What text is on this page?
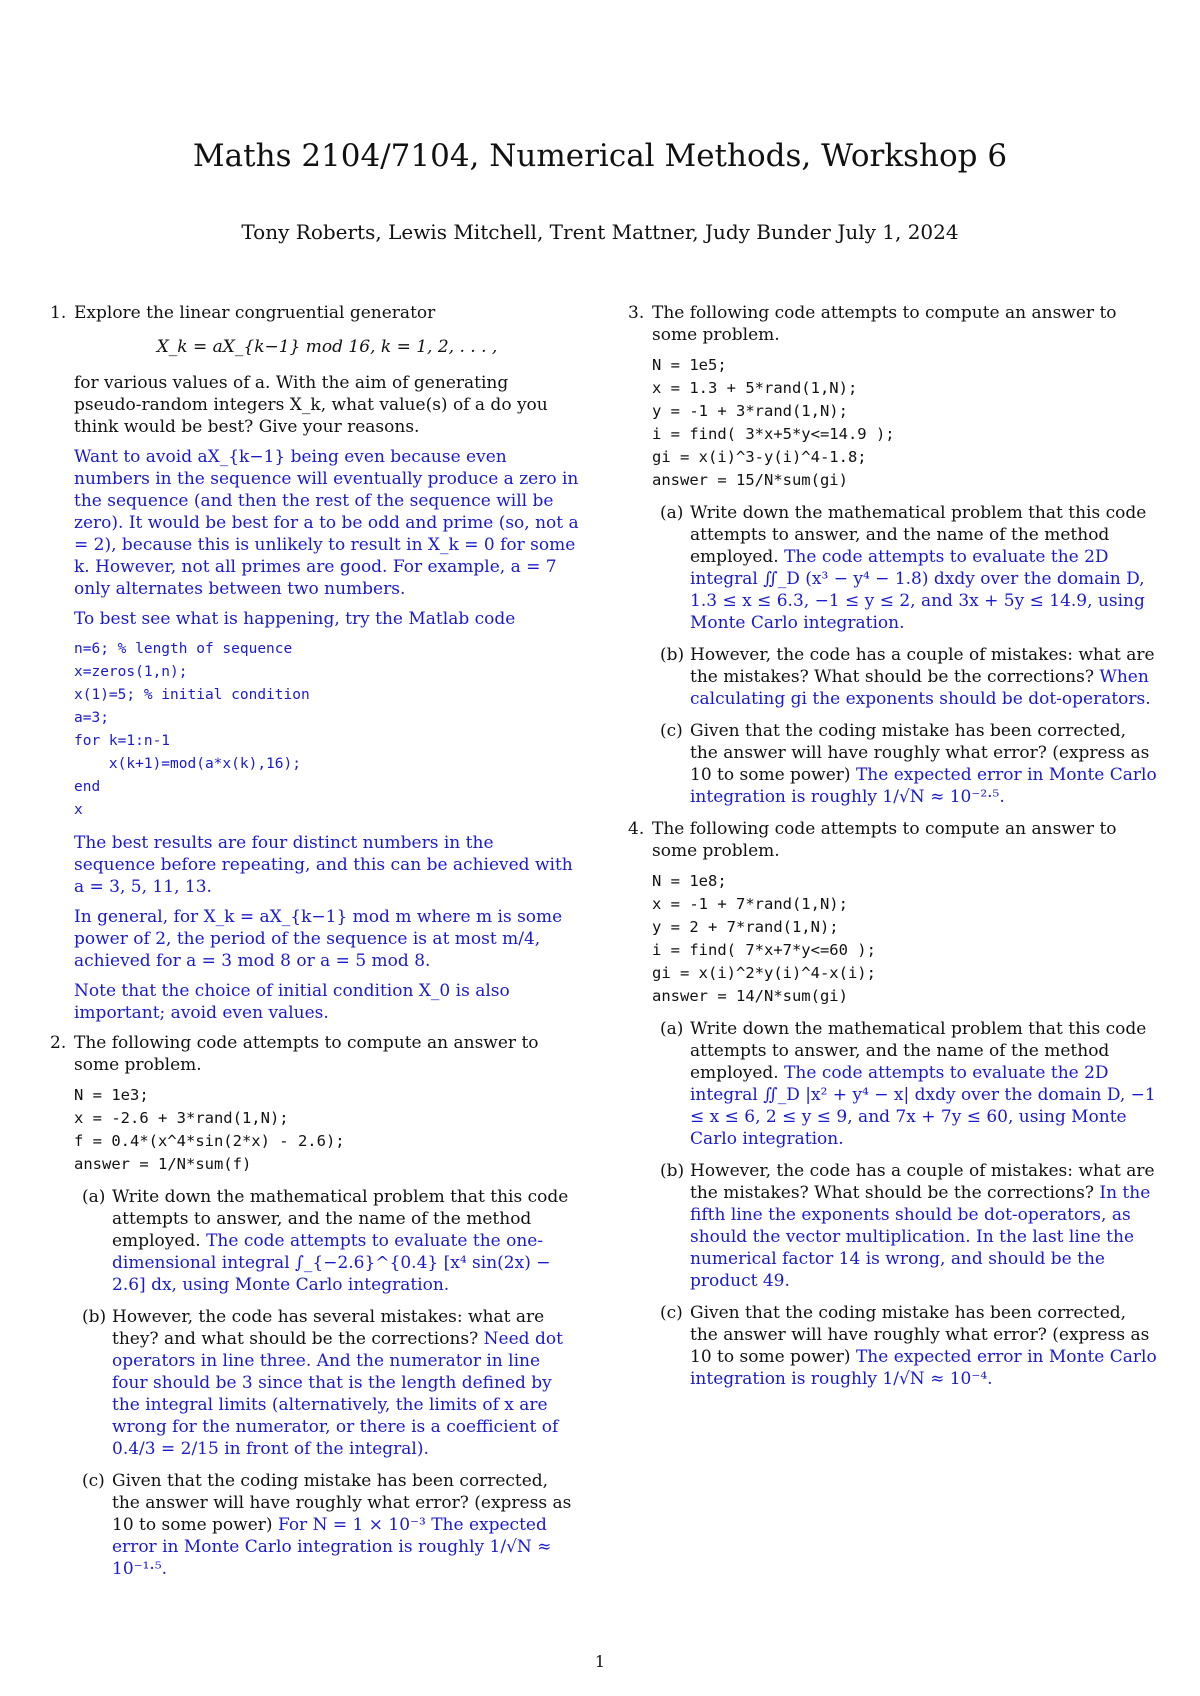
Maths 2104/7104, Numerical Methods, Workshop 6
Tony Roberts, Lewis Mitchell, Trent Mattner, Judy Bunder July 1, 2024
1. Explore the linear congruential generator

X_k = aX_{k−1} mod 16, k = 1, 2, . . . ,

for various values of a. With the aim of generating pseudo-random integers X_k, what value(s) of a do you think would be best? Give your reasons.

Want to avoid aX_{k−1} being even because even numbers in the sequence will eventually produce a zero in the sequence (and then the rest of the sequence will be zero). It would be best for a to be odd and prime (so, not a = 2), because this is unlikely to result in X_k = 0 for some k. However, not all primes are good. For example, a = 7 only alternates between two numbers.

To best see what is happening, try the Matlab code

n=6; % length of sequence
x=zeros(1,n);
x(1)=5; % initial condition
a=3;
for k=1:n-1
x(k+1)=mod(a*x(k),16);
end
x

The best results are four distinct numbers in the sequence before repeating, and this can be achieved with a = 3, 5, 11, 13.

In general, for X_k = aX_{k−1} mod m where m is some power of 2, the period of the sequence is at most m/4, achieved for a = 3 mod 8 or a = 5 mod 8.

Note that the choice of initial condition X_0 is also important; avoid even values.

2. The following code attempts to compute an answer to some problem.

N = 1e3;
x = -2.6 + 3*rand(1,N);
f = 0.4*(x^4*sin(2*x) - 2.6);
answer = 1/N*sum(f)
(a) Write down the mathematical problem that this code attempts to answer, and the name of the method employed. The code attempts to evaluate the one-dimensional integral ∫_{−2.6}^{0.4} [x⁴ sin(2x) − 2.6] dx, using Monte Carlo integration.
(b) However, the code has several mistakes: what are they? and what should be the corrections? Need dot operators in line three. And the numerator in line four should be 3 since that is the length defined by the integral limits (alternatively, the limits of x are wrong for the numerator, or there is a coefficient of 0.4/3 = 2/15 in front of the integral).
(c) Given that the coding mistake has been corrected, the answer will have roughly what error? (express as 10 to some power) For N = 1 × 10⁻³ The expected error in Monte Carlo integration is roughly 1/√N ≈ 10⁻¹·⁵.
3. The following code attempts to compute an answer to some problem.

N = 1e5;
x = 1.3 + 5*rand(1,N);
y = -1 + 3*rand(1,N);
i = find( 3*x+5*y<=14.9 );
gi = x(i)^3-y(i)^4-1.8;
answer = 15/N*sum(gi)
(a) Write down the mathematical problem that this code attempts to answer, and the name of the method employed. The code attempts to evaluate the 2D integral ∬_D (x³ − y⁴ − 1.8) dxdy over the domain D, 1.3 ≤ x ≤ 6.3, −1 ≤ y ≤ 2, and 3x + 5y ≤ 14.9, using Monte Carlo integration.
(b) However, the code has a couple of mistakes: what are the mistakes? What should be the corrections? When calculating gi the exponents should be dot-operators.
(c) Given that the coding mistake has been corrected, the answer will have roughly what error? (express as 10 to some power) The expected error in Monte Carlo integration is roughly 1/√N ≈ 10⁻²·⁵.
4. The following code attempts to compute an answer to some problem.

N = 1e8;
x = -1 + 7*rand(1,N);
y = 2 + 7*rand(1,N);
i = find( 7*x+7*y<=60 );
gi = x(i)^2*y(i)^4-x(i);
answer = 14/N*sum(gi)
(a) Write down the mathematical problem that this code attempts to answer, and the name of the method employed. The code attempts to evaluate the 2D integral ∬_D |x² + y⁴ − x| dxdy over the domain D, −1 ≤ x ≤ 6, 2 ≤ y ≤ 9, and 7x + 7y ≤ 60, using Monte Carlo integration.
(b) However, the code has a couple of mistakes: what are the mistakes? What should be the corrections? In the fifth line the exponents should be dot-operators, as should the vector multiplication. In the last line the numerical factor 14 is wrong, and should be the product 49.
(c) Given that the coding mistake has been corrected, the answer will have roughly what error? (express as 10 to some power) The expected error in Monte Carlo integration is roughly 1/√N ≈ 10⁻⁴.
1
